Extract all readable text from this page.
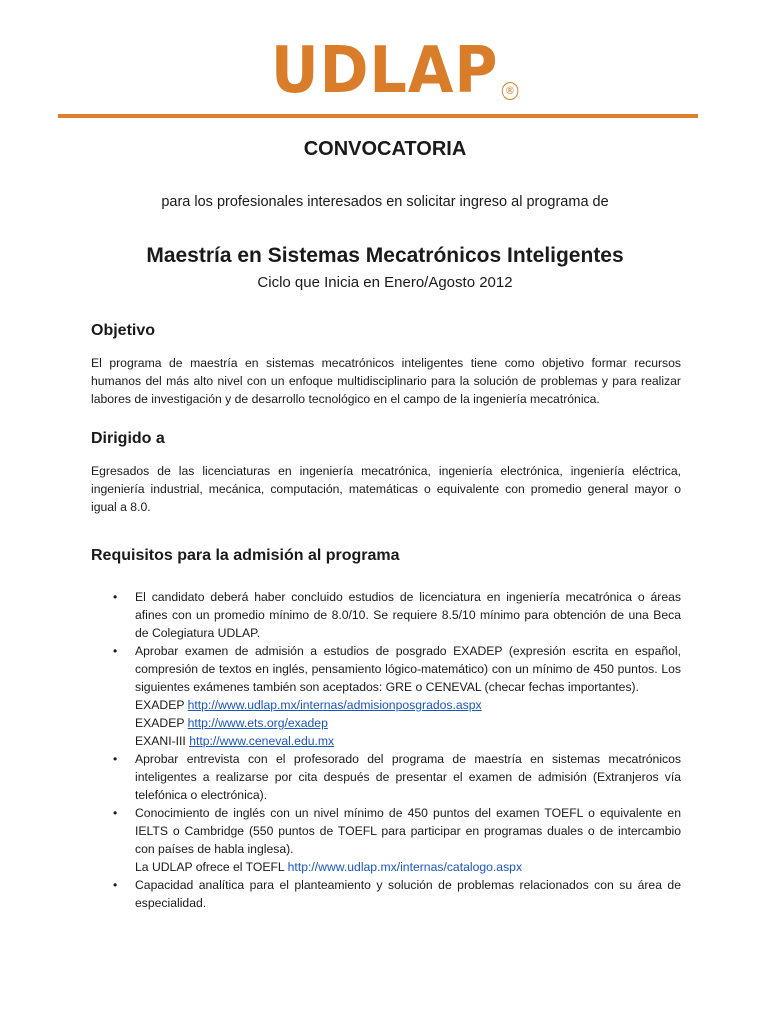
UDLAP ®
CONVOCATORIA
para los profesionales interesados en solicitar ingreso al programa de
Maestría en Sistemas Mecatrónicos Inteligentes
Ciclo que Inicia en Enero/Agosto 2012
Objetivo

El programa de maestría en sistemas mecatrónicos inteligentes tiene como objetivo formar recursos humanos del más alto nivel con un enfoque multidisciplinario para la solución de problemas y para realizar labores de investigación y de desarrollo tecnológico en el campo de la ingeniería mecatrónica.

Dirigido a

Egresados de las licenciaturas en ingeniería mecatrónica, ingeniería electrónica, ingeniería eléctrica, ingeniería industrial, mecánica, computación, matemáticas o equivalente con promedio general mayor o igual a 8.0.

Requisitos para la admisión al programa
• El candidato deberá haber concluido estudios de licenciatura en ingeniería mecatrónica o áreas afines con un promedio mínimo de 8.0/10. Se requiere 8.5/10 mínimo para obtención de una Beca de Colegiatura UDLAP.
• Aprobar examen de admisión a estudios de posgrado EXADEP (expresión escrita en español, compresión de textos en inglés, pensamiento lógico-matemático) con un mínimo de 450 puntos. Los siguientes exámenes también son aceptados: GRE o CENEVAL (checar fechas importantes).
EXADEP http://www.udlap.mx/internas/admisionposgrados.aspx
EXADEP http://www.ets.org/exadep
EXANI-III http://www.ceneval.edu.mx
• Aprobar entrevista con el profesorado del programa de maestría en sistemas mecatrónicos inteligentes a realizarse por cita después de presentar el examen de admisión (Extranjeros vía telefónica o electrónica).
• Conocimiento de inglés con un nivel mínimo de 450 puntos del examen TOEFL o equivalente en IELTS o Cambridge (550 puntos de TOEFL para participar en programas duales o de intercambio con países de habla inglesa).
La UDLAP ofrece el TOEFL http://www.udlap.mx/internas/catalogo.aspx
• Capacidad analítica para el planteamiento y solución de problemas relacionados con su área de especialidad.
